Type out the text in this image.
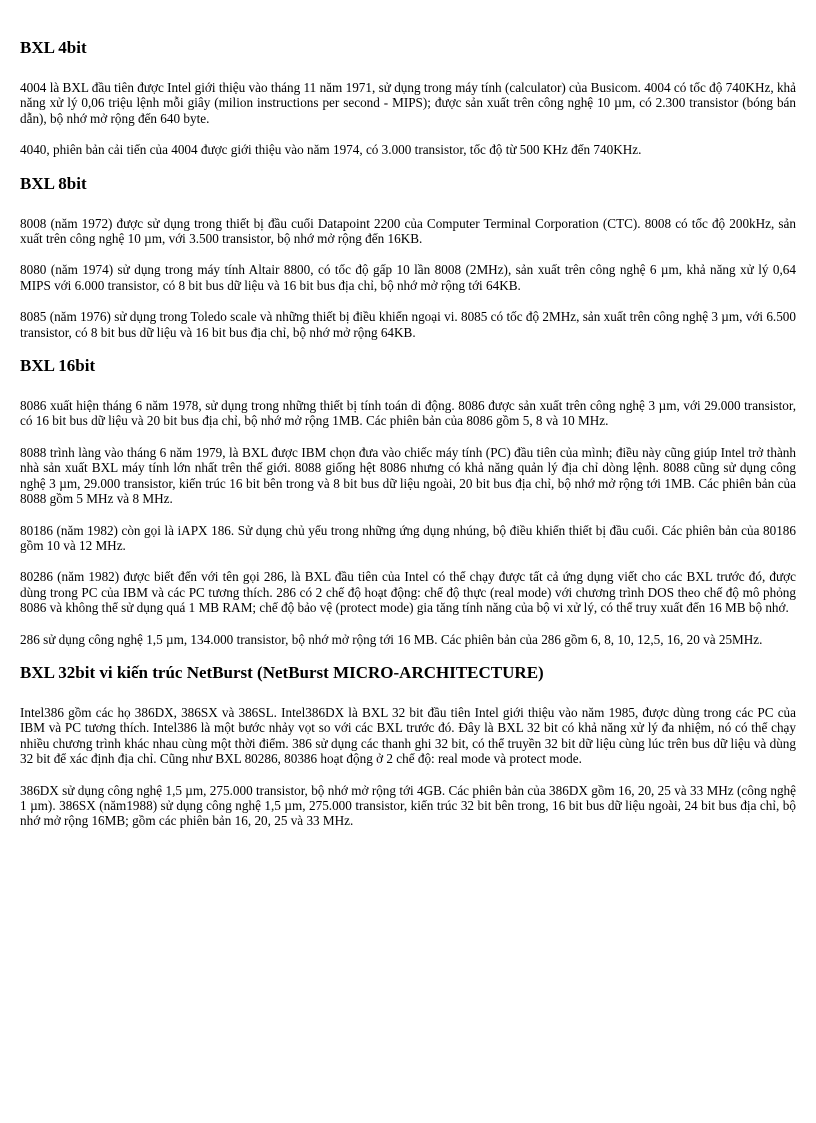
BXL 4bit

4004 là BXL đầu tiên được Intel giới thiệu vào tháng 11 năm 1971, sử dụng trong máy tính (calculator) của Busicom. 4004 có tốc độ 740KHz, khả năng xử lý 0,06 triệu lệnh mỗi giây (milion instructions per second - MIPS); được sản xuất trên công nghệ 10 µm, có 2.300 transistor (bóng bán dẫn), bộ nhớ mở rộng đến 640 byte.

4040, phiên bản cải tiến của 4004 được giới thiệu vào năm 1974, có 3.000 transistor, tốc độ từ 500 KHz đến 740KHz.

BXL 8bit

8008 (năm 1972) được sử dụng trong thiết bị đầu cuối Datapoint 2200 của Computer Terminal Corporation (CTC). 8008 có tốc độ 200kHz, sản xuất trên công nghệ 10 µm, với 3.500 transistor, bộ nhớ mở rộng đến 16KB.

8080 (năm 1974) sử dụng trong máy tính Altair 8800, có tốc độ gấp 10 lần 8008 (2MHz), sản xuất trên công nghệ 6 µm, khả năng xử lý 0,64 MIPS với 6.000 transistor, có 8 bit bus dữ liệu và 16 bit bus địa chỉ, bộ nhớ mở rộng tới 64KB.

8085 (năm 1976) sử dụng trong Toledo scale và những thiết bị điều khiển ngoại vi. 8085 có tốc độ 2MHz, sản xuất trên công nghệ 3 µm, với 6.500 transistor, có 8 bit bus dữ liệu và 16 bit bus địa chỉ, bộ nhớ mở rộng 64KB.

BXL 16bit

8086 xuất hiện tháng 6 năm 1978, sử dụng trong những thiết bị tính toán di động. 8086 được sản xuất trên công nghệ 3 µm, với 29.000 transistor, có 16 bit bus dữ liệu và 20 bit bus địa chỉ, bộ nhớ mở rộng 1MB. Các phiên bản của 8086 gồm 5, 8 và 10 MHz.

8088 trình làng vào tháng 6 năm 1979, là BXL được IBM chọn đưa vào chiếc máy tính (PC) đầu tiên của mình; điều này cũng giúp Intel trở thành nhà sản xuất BXL máy tính lớn nhất trên thế giới. 8088 giống hệt 8086 nhưng có khả năng quản lý địa chỉ dòng lệnh. 8088 cũng sử dụng công nghệ 3 µm, 29.000 transistor, kiến trúc 16 bit bên trong và 8 bit bus dữ liệu ngoài, 20 bit bus địa chỉ, bộ nhớ mở rộng tới 1MB. Các phiên bản của 8088 gồm 5 MHz và 8 MHz.

80186 (năm 1982) còn gọi là iAPX 186. Sử dụng chủ yếu trong những ứng dụng nhúng, bộ điều khiển thiết bị đầu cuối. Các phiên bản của 80186 gồm 10 và 12 MHz.

80286 (năm 1982) được biết đến với tên gọi 286, là BXL đầu tiên của Intel có thể chạy được tất cả ứng dụng viết cho các BXL trước đó, được dùng trong PC của IBM và các PC tương thích. 286 có 2 chế độ hoạt động: chế độ thực (real mode) với chương trình DOS theo chế độ mô phỏng 8086 và không thể sử dụng quá 1 MB RAM; chế độ bảo vệ (protect mode) gia tăng tính năng của bộ vi xử lý, có thể truy xuất đến 16 MB bộ nhớ.

286 sử dụng công nghệ 1,5 µm, 134.000 transistor, bộ nhớ mở rộng tới 16 MB. Các phiên bản của 286 gồm 6, 8, 10, 12,5, 16, 20 và 25MHz.

BXL 32bit vi kiến trúc NetBurst (NetBurst MICRO-ARCHITECTURE)

Intel386 gồm các họ 386DX, 386SX và 386SL. Intel386DX là BXL 32 bit đầu tiên Intel giới thiệu vào năm 1985, được dùng trong các PC của IBM và PC tương thích. Intel386 là một bước nhảy vọt so với các BXL trước đó. Đây là BXL 32 bit có khả năng xử lý đa nhiệm, nó có thể chạy nhiều chương trình khác nhau cùng một thời điểm. 386 sử dụng các thanh ghi 32 bit, có thể truyền 32 bit dữ liệu cùng lúc trên bus dữ liệu và dùng 32 bit để xác định địa chỉ. Cũng như BXL 80286, 80386 hoạt động ở 2 chế độ: real mode và protect mode.

386DX sử dụng công nghệ 1,5 µm, 275.000 transistor, bộ nhớ mở rộng tới 4GB. Các phiên bản của 386DX gồm 16, 20, 25 và 33 MHz (công nghệ 1 µm). 386SX (năm1988) sử dụng công nghệ 1,5 µm, 275.000 transistor, kiến trúc 32 bit bên trong, 16 bit bus dữ liệu ngoài, 24 bit bus địa chỉ, bộ nhớ mở rộng 16MB; gồm các phiên bản 16, 20, 25 và 33 MHz.
